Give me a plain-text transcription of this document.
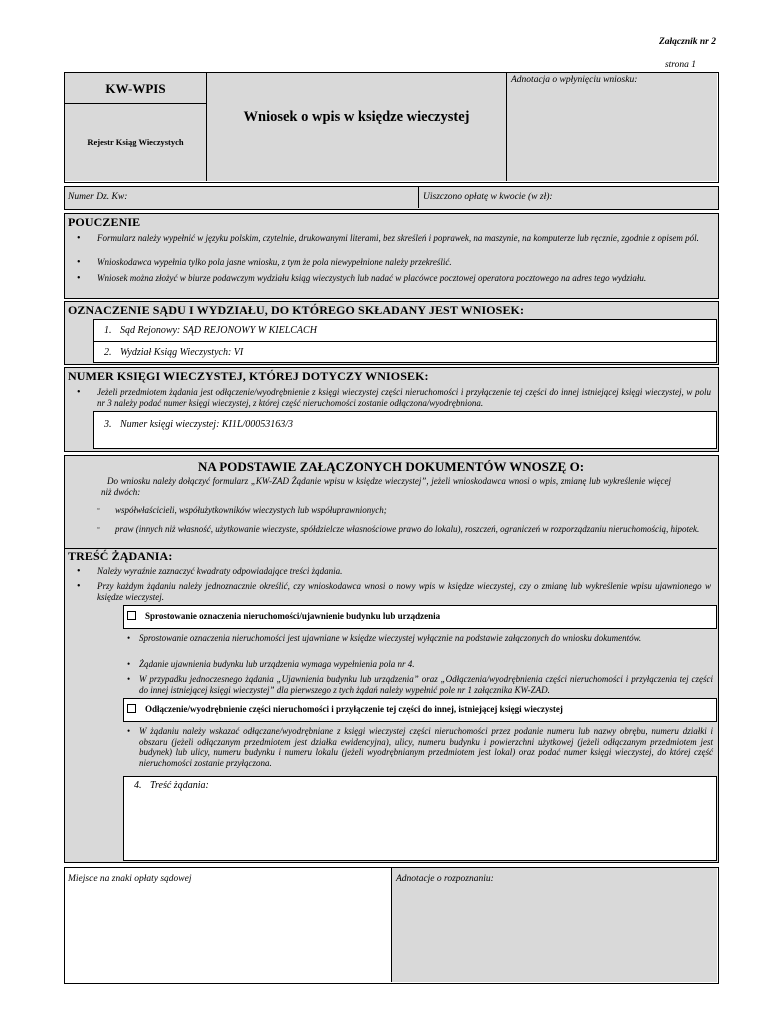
Załącznik nr 2
strona 1
KW-WPIS
Rejestr Ksiąg Wieczystych
Wniosek o wpis w księdze wieczystej
Adnotacja o wpłynięciu wniosku:
Numer Dz. Kw:	Uiszczono opłatę w kwocie (w zł):
POUCZENIE
• Formularz należy wypełnić w języku polskim, czytelnie, drukowanymi literami, bez skreśleń i poprawek, na maszynie, na komputerze lub ręcznie, zgodnie z opisem pól.
• Wnioskodawca wypełnia tylko pola jasne wniosku, z tym że pola niewypełnione należy przekreślić.
• Wniosek można złożyć w biurze podawczym wydziału ksiąg wieczystych lub nadać w placówce pocztowej operatora pocztowego na adres tego wydziału.
OZNACZENIE SĄDU I WYDZIAŁU, DO KTÓREGO SKŁADANY JEST WNIOSEK:
1. Sąd Rejonowy: SĄD REJONOWY W KIELCACH
2. Wydział Ksiąg Wieczystych: VI
NUMER KSIĘGI WIECZYSTEJ, KTÓREJ DOTYCZY WNIOSEK:
• Jeżeli przedmiotem żądania jest odłączenie/wyodrębnienie z księgi wieczystej części nieruchomości i przyłączenie tej części do innej istniejącej księgi wieczystej, w polu nr 3 należy podać numer księgi wieczystej, z której część nieruchomości zostanie odłączona/wyodrębniona.
3. Numer księgi wieczystej: KI1L/00053163/3
NA PODSTAWIE ZAŁĄCZONYCH DOKUMENTÓW WNOSZĘ O:
Do wniosku należy dołączyć formularz „KW-ZAD Żądanie wpisu w księdze wieczystej”, jeżeli wnioskodawca wnosi o wpis, zmianę lub wykreślenie więcej niż dwóch:
▫ współwłaścicieli, współużytkowników wieczystych lub współuprawnionych;
▫ praw (innych niż własność, użytkowanie wieczyste, spółdzielcze własnościowe prawo do lokalu), roszczeń, ograniczeń w rozporządzaniu nieruchomością, hipotek.
TREŚĆ ŻĄDANIA:
• Należy wyraźnie zaznaczyć kwadraty odpowiadające treści żądania.
• Przy każdym żądaniu należy jednoznacznie określić, czy wnioskodawca wnosi o nowy wpis w księdze wieczystej, czy o zmianę lub wykreślenie wpisu ujawnionego w księdze wieczystej.
Sprostowanie oznaczenia nieruchomości/ujawnienie budynku lub urządzenia
• Sprostowanie oznaczenia nieruchomości jest ujawniane w księdze wieczystej wyłącznie na podstawie załączonych do wniosku dokumentów.
• Żądanie ujawnienia budynku lub urządzenia wymaga wypełnienia pola nr 4.
• W przypadku jednoczesnego żądania „Ujawnienia budynku lub urządzenia” oraz „Odłączenia/wyodrębnienia części nieruchomości i przyłączenia tej części do innej istniejącej księgi wieczystej” dla pierwszego z tych żądań należy wypełnić pole nr 1 załącznika KW-ZAD.
Odłączenie/wyodrębnienie części nieruchomości i przyłączenie tej części do innej, istniejącej księgi wieczystej
• W żądaniu należy wskazać odłączane/wyodrębniane z księgi wieczystej części nieruchomości przez podanie numeru lub nazwy obrębu, numeru działki i obszaru (jeżeli odłączanym przedmiotem jest działka ewidencyjna), ulicy, numeru budynku i powierzchni użytkowej (jeżeli odłączanym przedmiotem jest budynek) lub ulicy, numeru budynku i numeru lokalu (jeżeli wyodrębnianym przedmiotem jest lokal) oraz podać numer księgi wieczystej, do której część nieruchomości zostanie przyłączona.
4. Treść żądania:
Miejsce na znaki opłaty sądowej	Adnotacje o rozpoznaniu:
